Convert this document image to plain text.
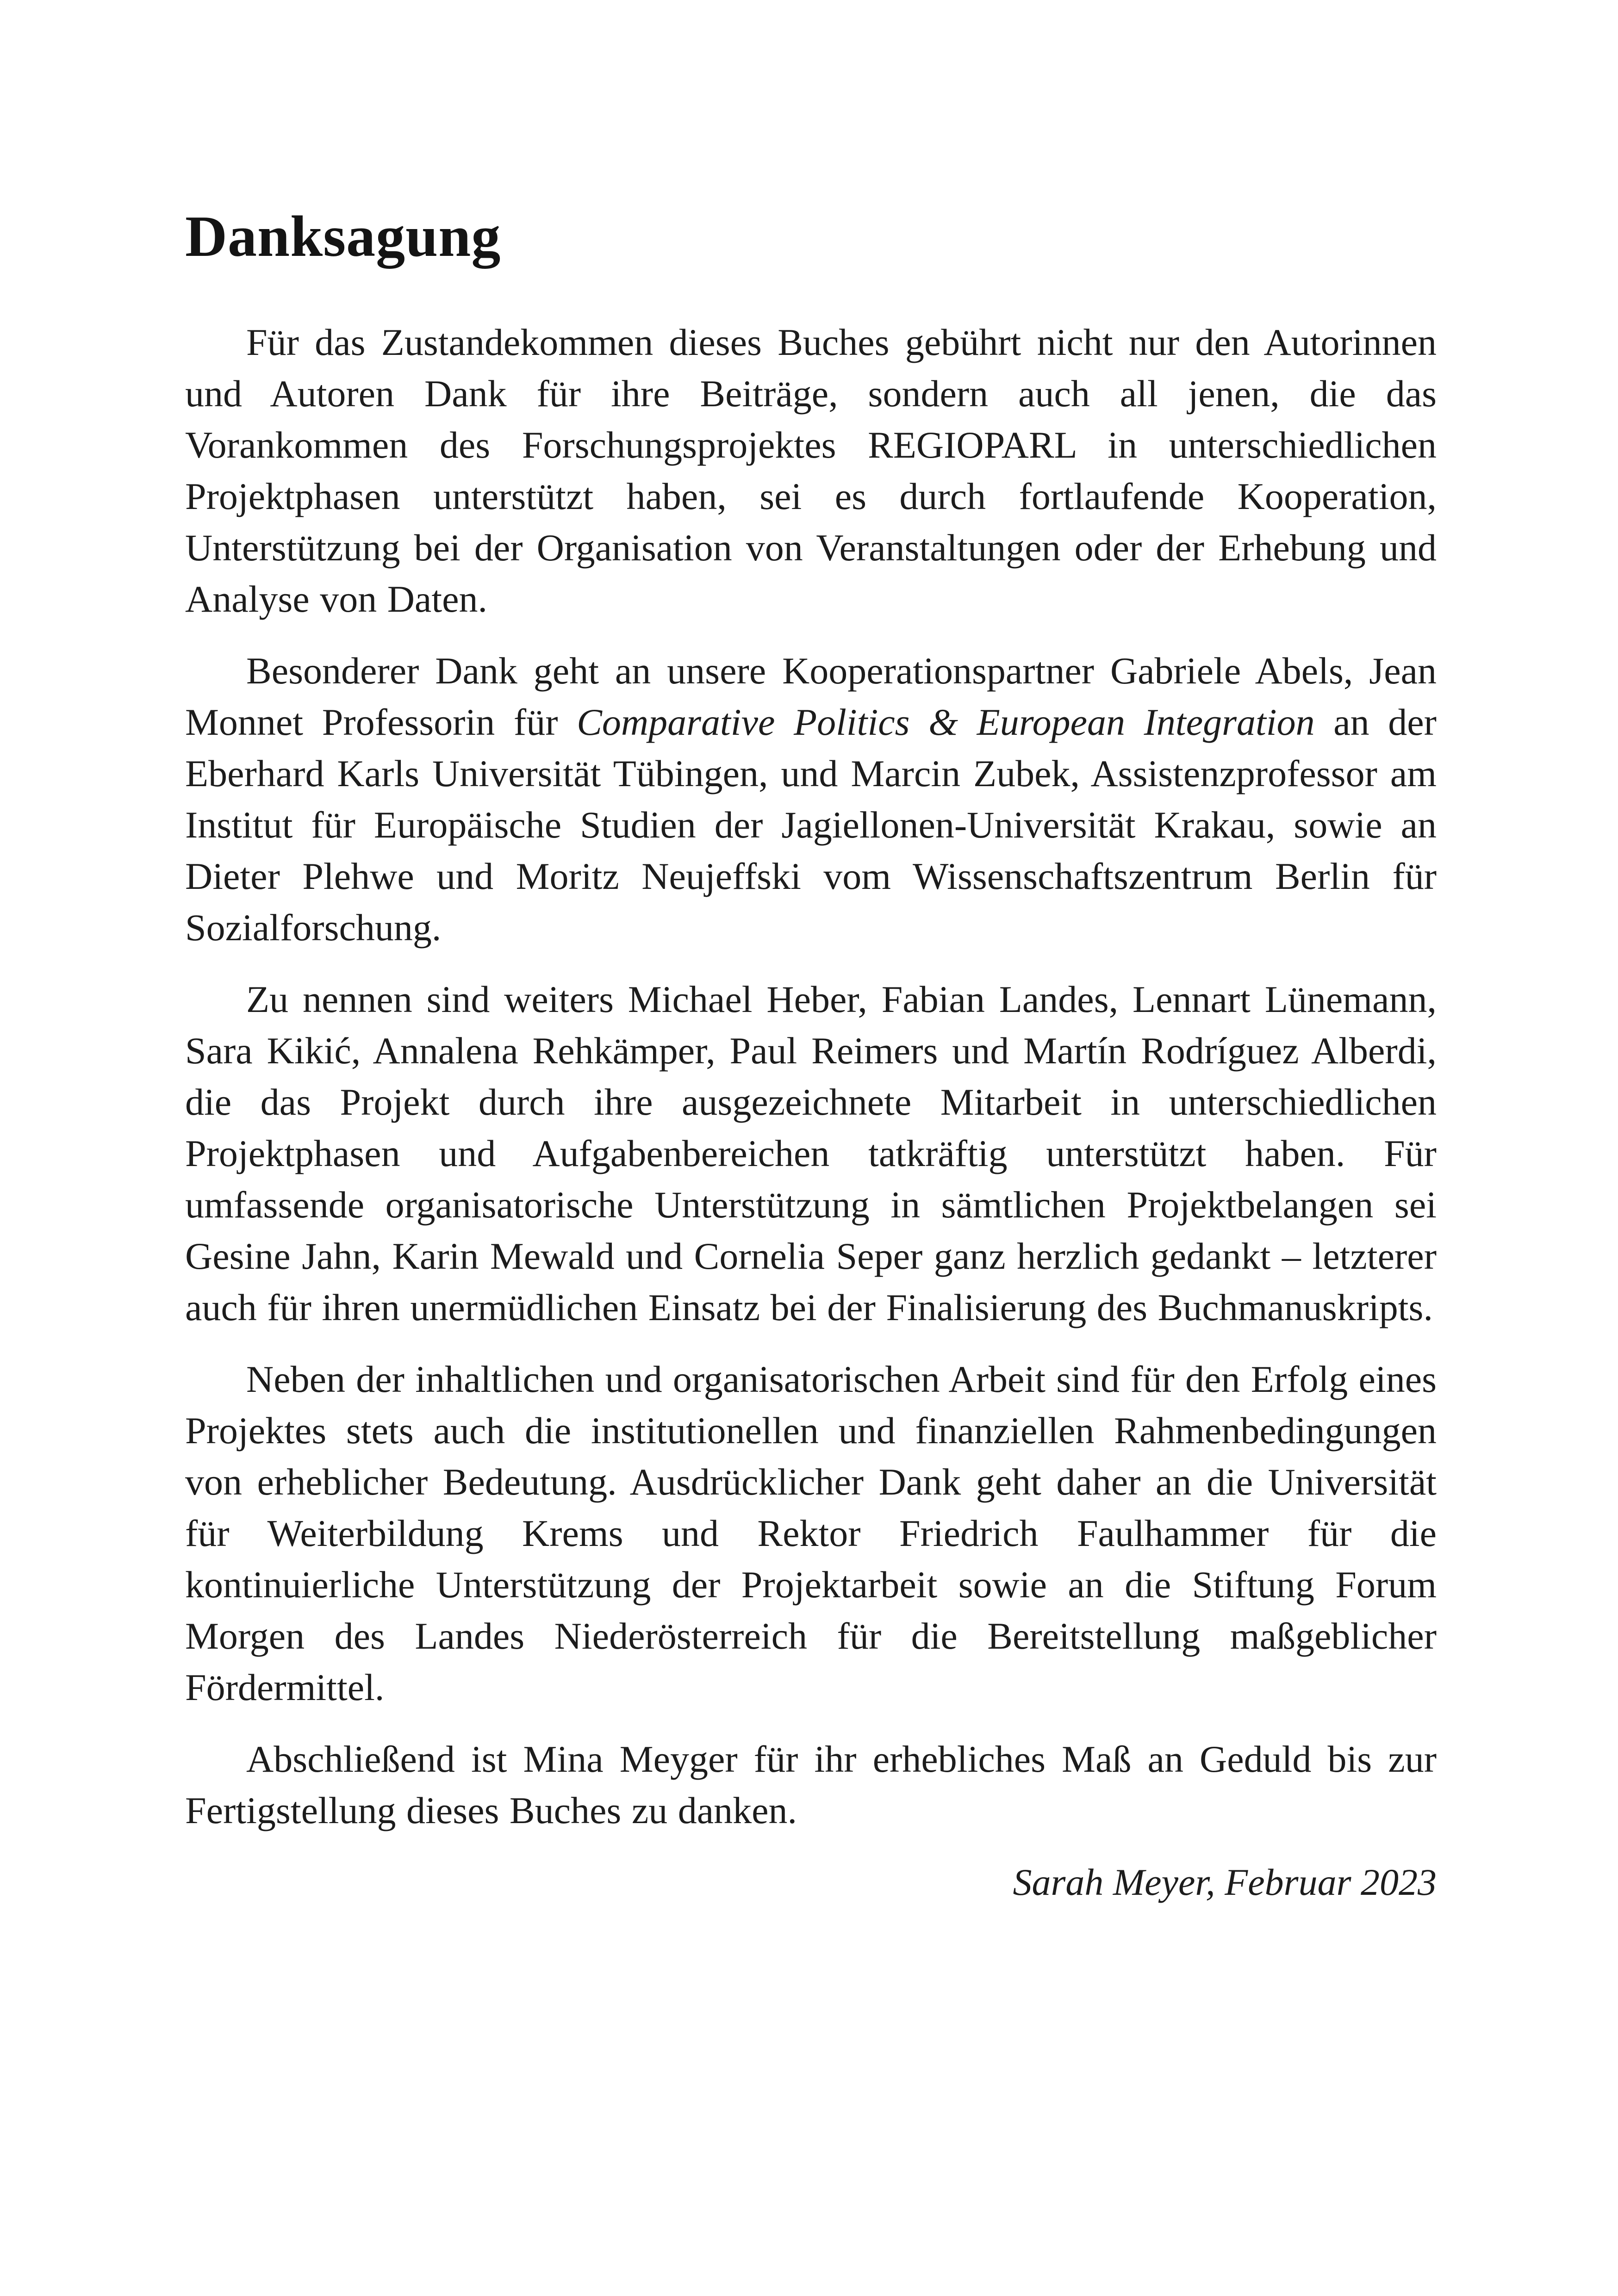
Danksagung

Für das Zustandekommen dieses Buches gebührt nicht nur den Autorinnen und Autoren Dank für ihre Beiträge, sondern auch all jenen, die das Vorankommen des Forschungsprojektes REGIOPARL in unterschiedlichen Projektphasen unterstützt haben, sei es durch fortlaufende Kooperation, Unterstützung bei der Organisation von Veranstaltungen oder der Erhebung und Analyse von Daten.

Besonderer Dank geht an unsere Kooperationspartner Gabriele Abels, Jean Monnet Professorin für Comparative Politics & European Integration an der Eberhard Karls Universität Tübingen, und Marcin Zubek, Assistenzprofessor am Institut für Europäische Studien der Jagiellonen-Universität Krakau, sowie an Dieter Plehwe und Moritz Neujeffski vom Wissenschaftszentrum Berlin für Sozialforschung.

Zu nennen sind weiters Michael Heber, Fabian Landes, Lennart Lünemann, Sara Kikić, Annalena Rehkämper, Paul Reimers und Martín Rodríguez Alberdi, die das Projekt durch ihre ausgezeichnete Mitarbeit in unterschiedlichen Projektphasen und Aufgabenbereichen tatkräftig unterstützt haben. Für umfassende organisatorische Unterstützung in sämtlichen Projektbelangen sei Gesine Jahn, Karin Mewald und Cornelia Seper ganz herzlich gedankt – letzterer auch für ihren unermüdlichen Einsatz bei der Finalisierung des Buchmanuskripts.

Neben der inhaltlichen und organisatorischen Arbeit sind für den Erfolg eines Projektes stets auch die institutionellen und finanziellen Rahmenbedingungen von erheblicher Bedeutung. Ausdrücklicher Dank geht daher an die Universität für Weiterbildung Krems und Rektor Friedrich Faulhammer für die kontinuierliche Unterstützung der Projektarbeit sowie an die Stiftung Forum Morgen des Landes Niederösterreich für die Bereitstellung maßgeblicher Fördermittel.

Abschließend ist Mina Meyger für ihr erhebliches Maß an Geduld bis zur Fertigstellung dieses Buches zu danken.

Sarah Meyer, Februar 2023
